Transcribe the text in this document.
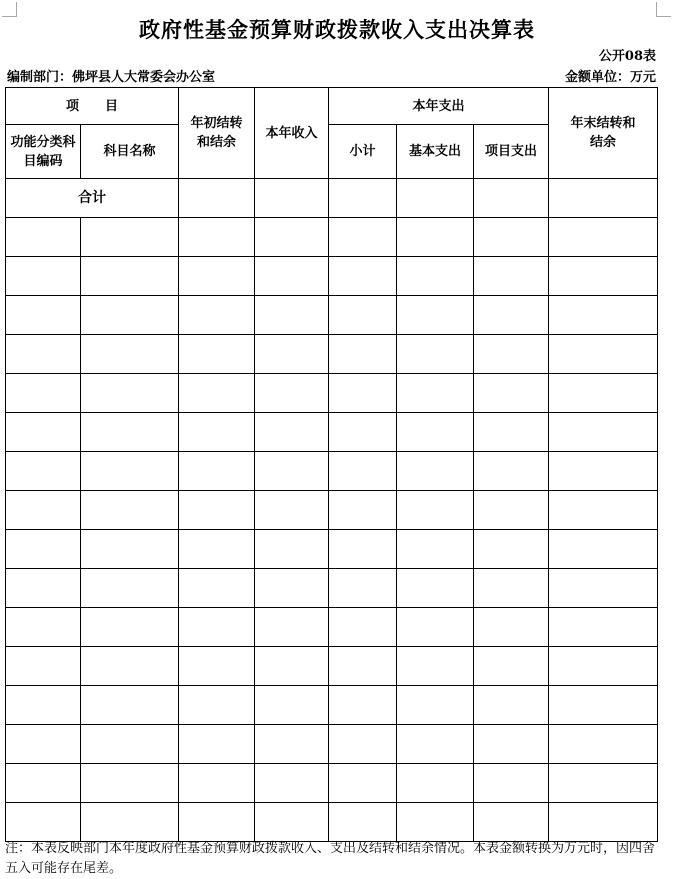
政府性基金预算财政拨款收入支出决算表
公开08表
编制部门：佛坪县人大常委会办公室	金额单位：万元
项　　目		年初结转和结余	本年收入	本年支出			年末结转和结余
功能分类科目编码	科目名称			小计	基本支出	项目支出	
合计							

注：本表反映部门本年度政府性基金预算财政拨款收入、支出及结转和结余情况。本表金额转换为万元时，因四舍五入可能存在尾差。
